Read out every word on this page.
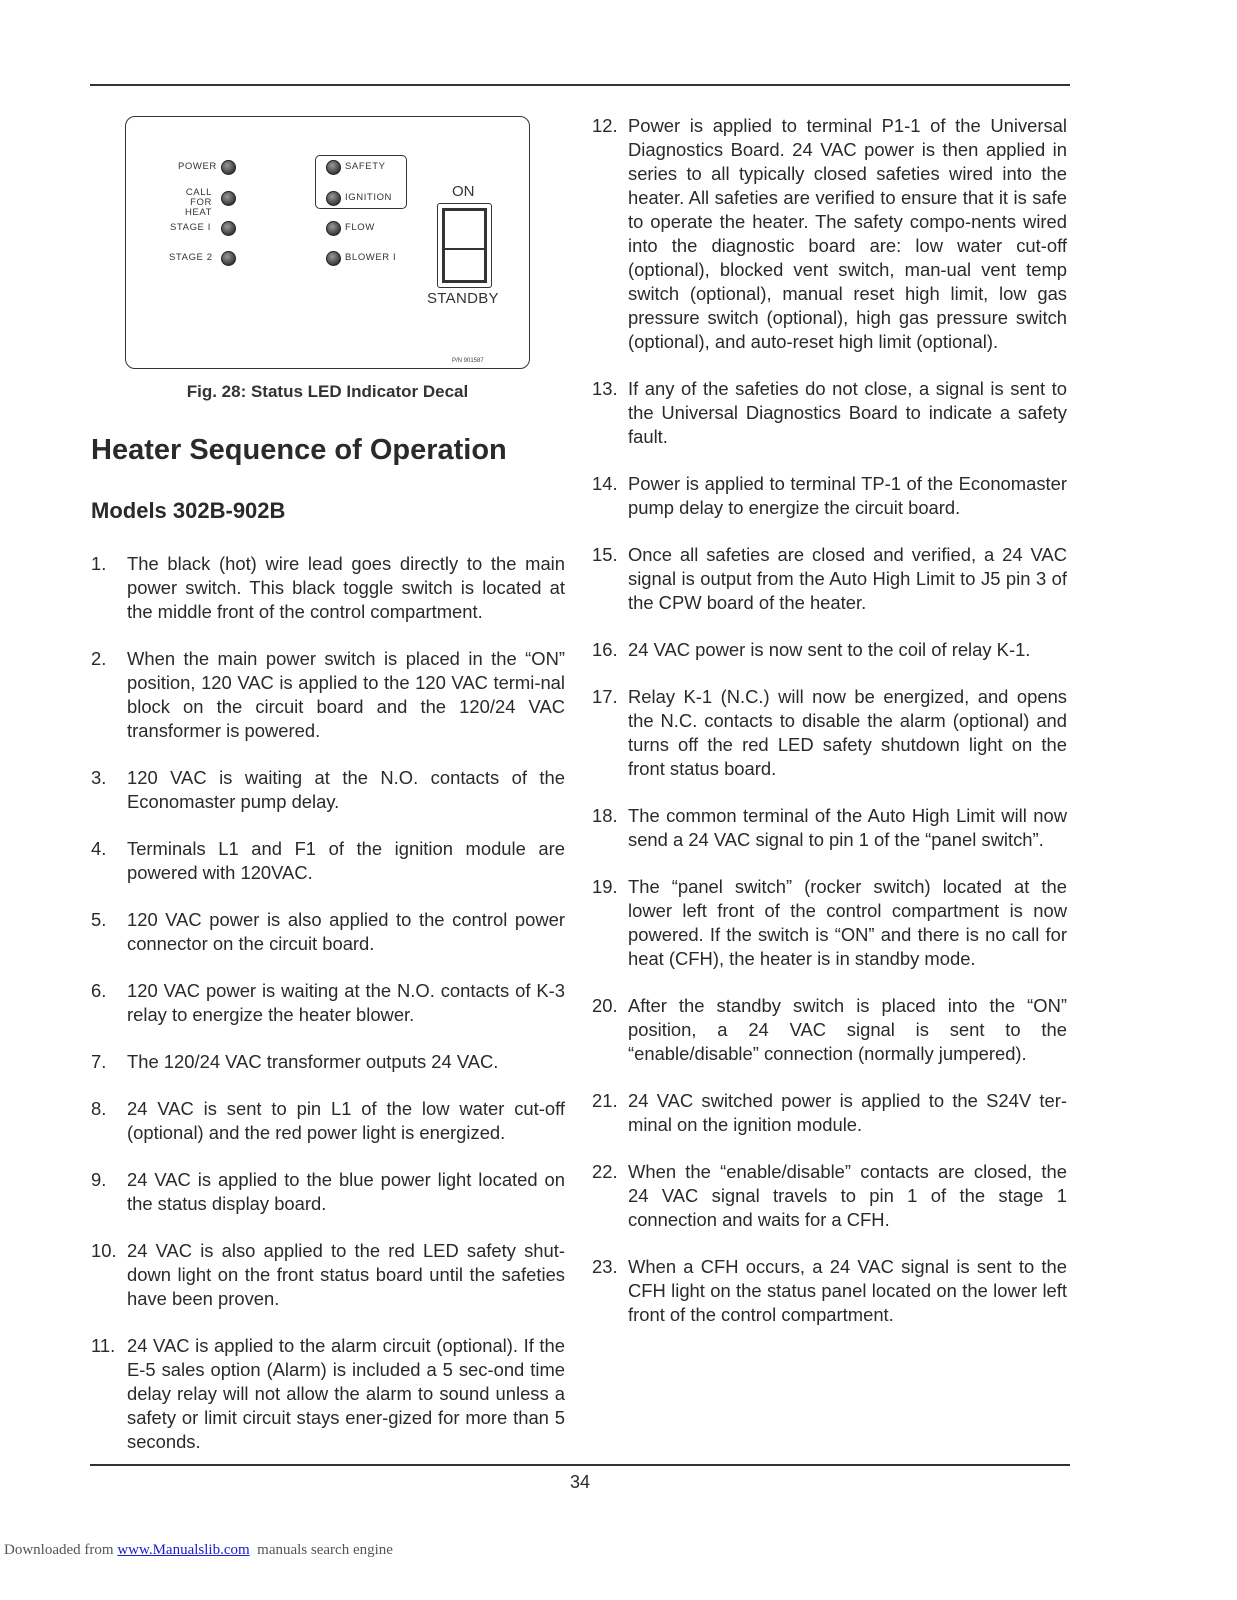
POWER
CALL FOR
HEAT
STAGE I
STAGE 2
SAFETY
IGNITION
FLOW
BLOWER I
ON
STANDBY
P/N 901587
Fig. 28: Status LED Indicator Decal
Heater Sequence of Operation
Models 302B-902B
1. The black (hot) wire lead goes directly to the main power switch. This black toggle switch is located at the middle front of the control compartment.
2. When the main power switch is placed in the “ON” position, 120 VAC is applied to the 120 VAC termi-nal block on the circuit board and the 120/24 VAC transformer is powered.
3. 120 VAC is waiting at the N.O. contacts of the Economaster pump delay.
4. Terminals L1 and F1 of the ignition module are powered with 120VAC.
5. 120 VAC power is also applied to the control power connector on the circuit board.
6. 120 VAC power is waiting at the N.O. contacts of K-3 relay to energize the heater blower.
7. The 120/24 VAC transformer outputs 24 VAC.
8. 24 VAC is sent to pin L1 of the low water cut-off (optional) and the red power light is energized.
9. 24 VAC is applied to the blue power light located on the status display board.
10. 24 VAC is also applied to the red LED safety shut-down light on the front status board until the safeties have been proven.
11. 24 VAC is applied to the alarm circuit (optional). If the E-5 sales option (Alarm) is included a 5 sec-ond time delay relay will not allow the alarm to sound unless a safety or limit circuit stays ener-gized for more than 5 seconds.
12. Power is applied to terminal P1-1 of the Universal Diagnostics Board. 24 VAC power is then applied in series to all typically closed safeties wired into the heater. All safeties are verified to ensure that it is safe to operate the heater. The safety compo-nents wired into the diagnostic board are: low water cut-off (optional), blocked vent switch, man-ual vent temp switch (optional), manual reset high limit, low gas pressure switch (optional), high gas pressure switch (optional), and auto-reset high limit (optional).
13. If any of the safeties do not close, a signal is sent to the Universal Diagnostics Board to indicate a safety fault.
14. Power is applied to terminal TP-1 of the Economaster pump delay to energize the circuit board.
15. Once all safeties are closed and verified, a 24 VAC signal is output from the Auto High Limit to J5 pin 3 of the CPW board of the heater.
16. 24 VAC power is now sent to the coil of relay K-1.
17. Relay K-1 (N.C.) will now be energized, and opens the N.C. contacts to disable the alarm (optional) and turns off the red LED safety shutdown light on the front status board.
18. The common terminal of the Auto High Limit will now send a 24 VAC signal to pin 1 of the “panel switch”.
19. The “panel switch” (rocker switch) located at the lower left front of the control compartment is now powered. If the switch is “ON” and there is no call for heat (CFH), the heater is in standby mode.
20. After the standby switch is placed into the “ON” position, a 24 VAC signal is sent to the “enable/disable” connection (normally jumpered).
21. 24 VAC switched power is applied to the S24V ter-minal on the ignition module.
22. When the “enable/disable” contacts are closed, the 24 VAC signal travels to pin 1 of the stage 1 connection and waits for a CFH.
23. When a CFH occurs, a 24 VAC signal is sent to the CFH light on the status panel located on the lower left front of the control compartment.
34
Downloaded from www.Manualslib.com  manuals search engine
